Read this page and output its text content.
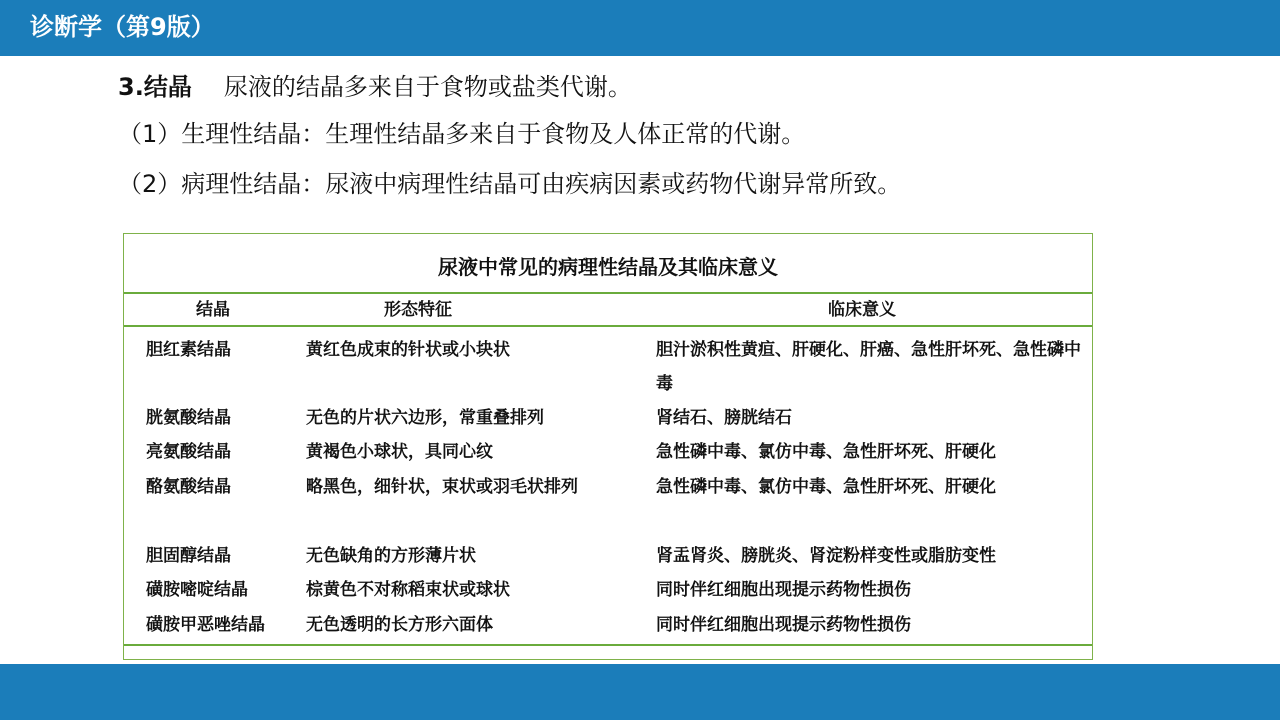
诊断学（第9版）
3.结晶 尿液的结晶多来自于食物或盐类代谢。
（1）生理性结晶：生理性结晶多来自于食物及人体正常的代谢。
（2）病理性结晶：尿液中病理性结晶可由疾病因素或药物代谢异常所致。
尿液中常见的病理性结晶及其临床意义
结晶	形态特征	临床意义
胆红素结晶	黄红色成束的针状或小块状	胆汁淤积性黄疸、肝硬化、肝癌、急性肝坏死、急性磷中毒
胱氨酸结晶	无色的片状六边形，常重叠排列	肾结石、膀胱结石
亮氨酸结晶	黄褐色小球状，具同心纹	急性磷中毒、氯仿中毒、急性肝坏死、肝硬化
酪氨酸结晶	略黑色，细针状，束状或羽毛状排列	急性磷中毒、氯仿中毒、急性肝坏死、肝硬化
胆固醇结晶	无色缺角的方形薄片状	肾盂肾炎、膀胱炎、肾淀粉样变性或脂肪变性
磺胺嘧啶结晶	棕黄色不对称稻束状或球状	同时伴红细胞出现提示药物性损伤
磺胺甲恶唑结晶	无色透明的长方形六面体	同时伴红细胞出现提示药物性损伤
